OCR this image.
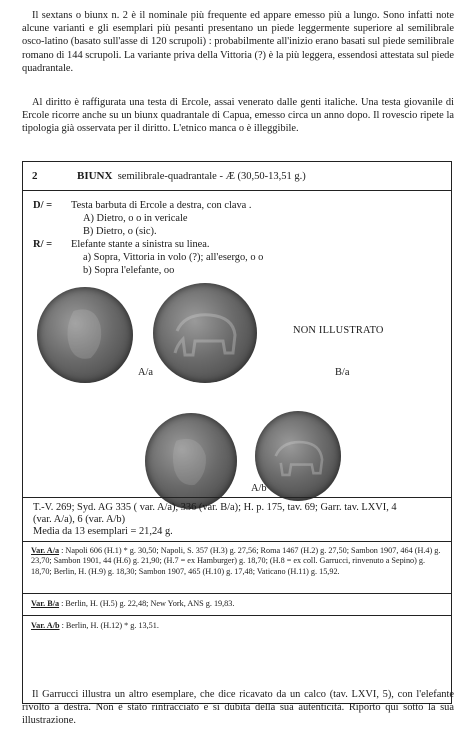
Il sextans o biunx n. 2 è il nominale più frequente ed appare emesso più a lungo. Sono infatti note alcune varianti e gli esemplari più pesanti presentano un piede leggermente superiore al semilibrale osco-latino (basato sull'asse di 120 scrupoli) : probabilmente all'inizio erano basati sul piede semilibrale romano di 144 scrupoli. La variante priva della Vittoria (?) è la più leggera, essendosi attestata sul piede quadrantale.
Al diritto è raffigurata una testa di Ercole, assai venerato dalle genti italiche. Una testa giovanile di Ercole ricorre anche su un biunx quadrantale di Capua, emesso circa un anno dopo. Il rovescio ripete la tipologia già osservata per il diritto. L'etnico manca o è illeggibile.
2	BIUNX semilibrale-quadrantale - Æ (30,50-13,51 g.)
D/ = Testa barbuta di Ercole a destra, con clava .
A) Dietro, o o in vericale
B) Dietro, o (sic).
R/ = Elefante stante a sinistra su linea.
a) Sopra, Vittoria in volo (?); all'esergo, o o
b) Sopra l'elefante, oo
A/a
NON ILLUSTRATO
B/a
A/b
T.-V. 269; Syd. AG 335 ( var. A/a), 336 (var. B/a); H. p. 175, tav. 69; Garr. tav. LXVI, 4
(var. A/a), 6 (var. A/b)
Media da 13 esemplari = 21,24 g.
Var. A/a : Napoli 606 (H.1) * g. 30,50; Napoli, S. 357 (H.3) g. 27,56; Roma 1467 (H.2) g. 27,50; Sambon 1907, 464 (H.4) g. 23,70; Sambon 1901, 44 (H.6) g. 21,90; (H.7 = ex Hamburger) g. 18,70; (H.8 = ex coll. Garrucci, rinvenuto a Sepino) g. 18,70; Berlin, H. (H.9) g. 18,30; Sambon 1907, 465 (H.10) g. 17,48; Vaticano (H.11) g. 15,92.
Var. B/a : Berlin, H. (H.5) g. 22,48; New York, ANS g. 19,83.
Var. A/b : Berlin, H. (H.12) * g. 13,51.
Il Garrucci illustra un altro esemplare, che dice ricavato da un calco (tav. LXVI, 5), con l'elefante rivolto a destra. Non è stato rintracciato e si dubita della sua autenticità. Riporto qui sotto la sua illustrazione.
